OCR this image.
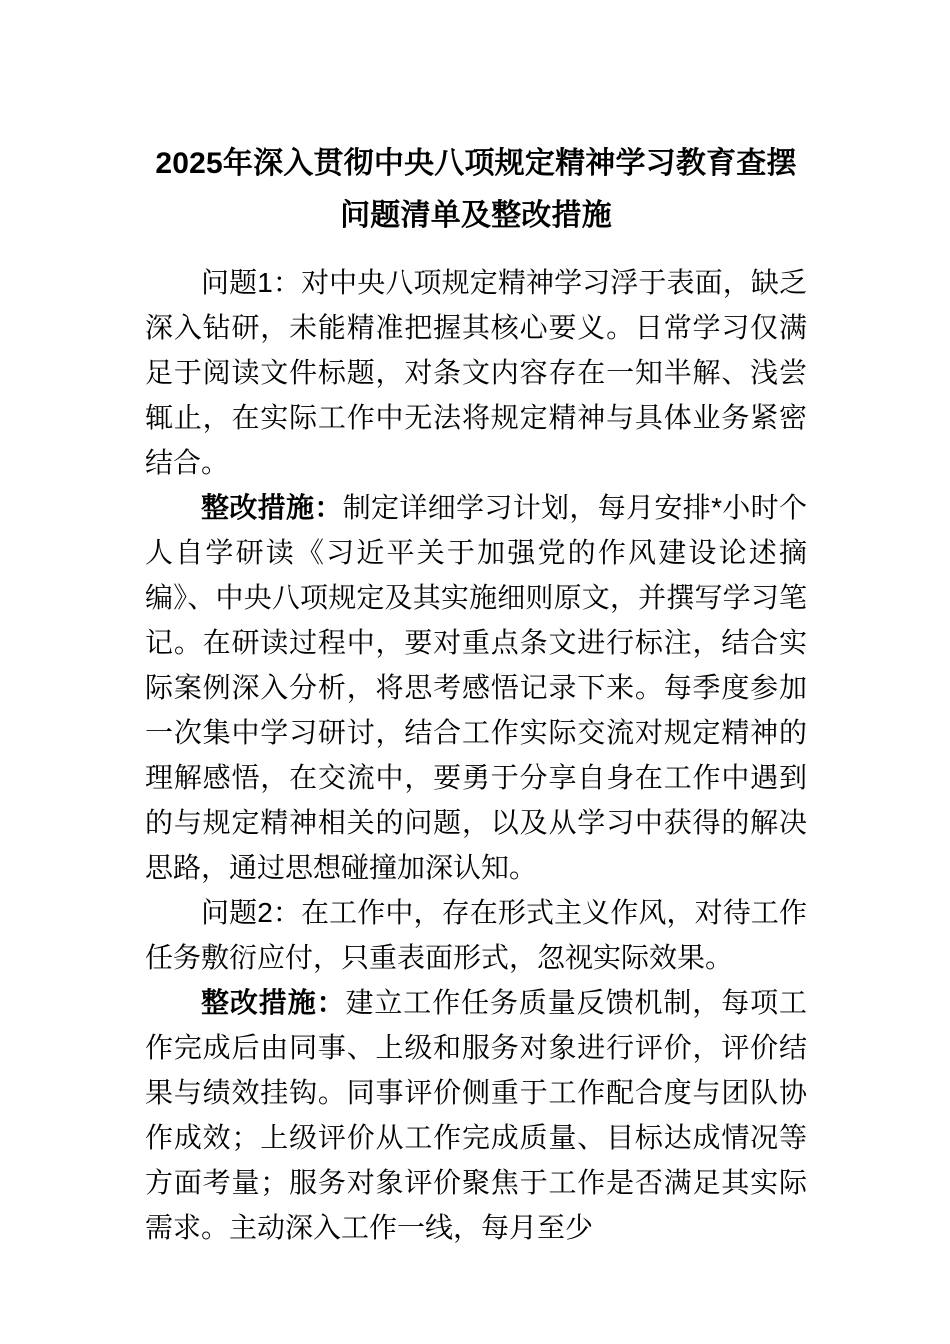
2025年深入贯彻中央八项规定精神学习教育查摆问题清单及整改措施

问题1：对中央八项规定精神学习浮于表面，缺乏深入钻研，未能精准把握其核心要义。日常学习仅满足于阅读文件标题，对条文内容存在一知半解、浅尝辄止，在实际工作中无法将规定精神与具体业务紧密结合。

整改措施：制定详细学习计划，每月安排*小时个人自学研读《习近平关于加强党的作风建设论述摘编》、中央八项规定及其实施细则原文，并撰写学习笔记。在研读过程中，要对重点条文进行标注，结合实际案例深入分析，将思考感悟记录下来。每季度参加一次集中学习研讨，结合工作实际交流对规定精神的理解感悟，在交流中，要勇于分享自身在工作中遇到的与规定精神相关的问题，以及从学习中获得的解决思路，通过思想碰撞加深认知。

问题2：在工作中，存在形式主义作风，对待工作任务敷衍应付，只重表面形式，忽视实际效果。

整改措施：建立工作任务质量反馈机制，每项工作完成后由同事、上级和服务对象进行评价，评价结果与绩效挂钩。同事评价侧重于工作配合度与团队协作成效；上级评价从工作完成质量、目标达成情况等方面考量；服务对象评价聚焦于工作是否满足其实际需求。主动深入工作一线，每月至少
